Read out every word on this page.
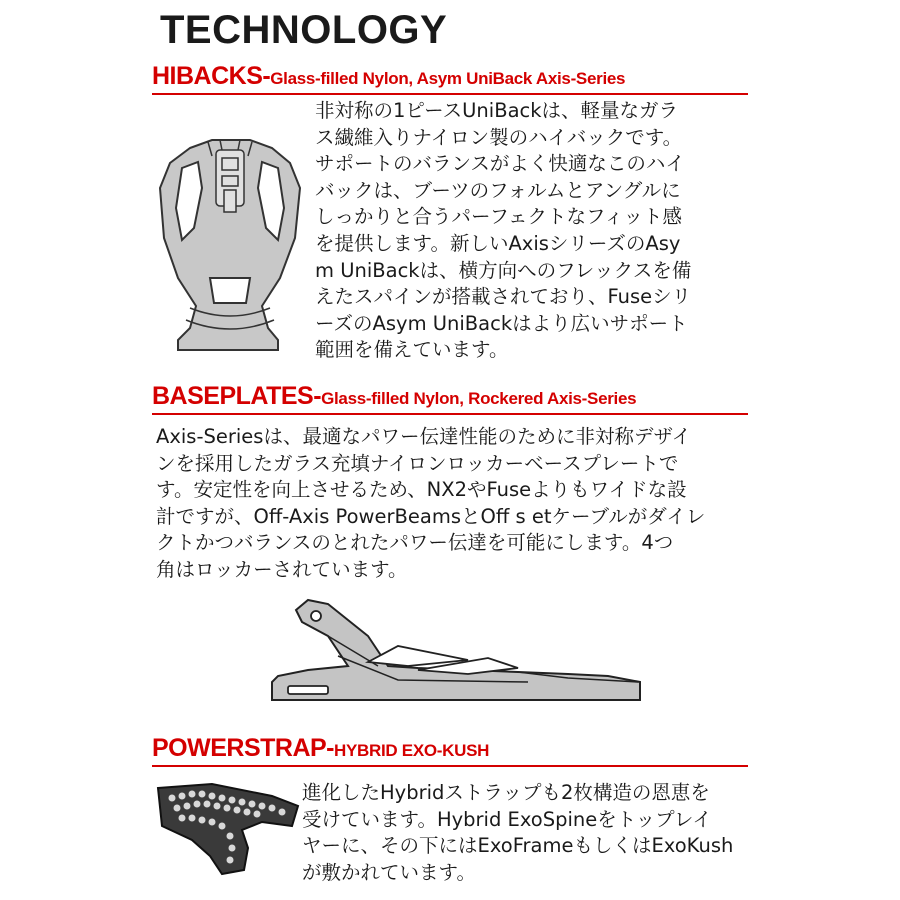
TECHNOLOGY
HIBACKS-Glass-filled Nylon, Asym UniBack Axis-Series
非対称の1ピースUniBackは、軽量なガラ
ス繊維入りナイロン製のハイバックです。
サポートのバランスがよく快適なこのハイ
バックは、ブーツのフォルムとアングルに
しっかりと合うパーフェクトなフィット感
を提供します。新しいAxisシリーズのAsy
m UniBackは、横方向へのフレックスを備
えたスパインが搭載されており、Fuseシリ
ーズのAsym UniBackはより広いサポート
範囲を備えています。
BASEPLATES-Glass-filled Nylon, Rockered Axis-Series
Axis-Seriesは、最適なパワー伝達性能のために非対称デザイ
ンを採用したガラス充填ナイロンロッカーベースプレートで
す。安定性を向上させるため、NX2やFuseよりもワイドな設
計ですが、Off-Axis PowerBeamsとOff s etケーブルがダイレ
クトかつバランスのとれたパワー伝達を可能にします。4つ
角はロッカーされています。
POWERSTRAP-HYBRID EXO-KUSH
進化したHybridストラップも2枚構造の恩恵を
受けています。Hybrid ExoSpineをトップレイ
ヤーに、その下にはExoFrameもしくはExoKush
が敷かれています。
